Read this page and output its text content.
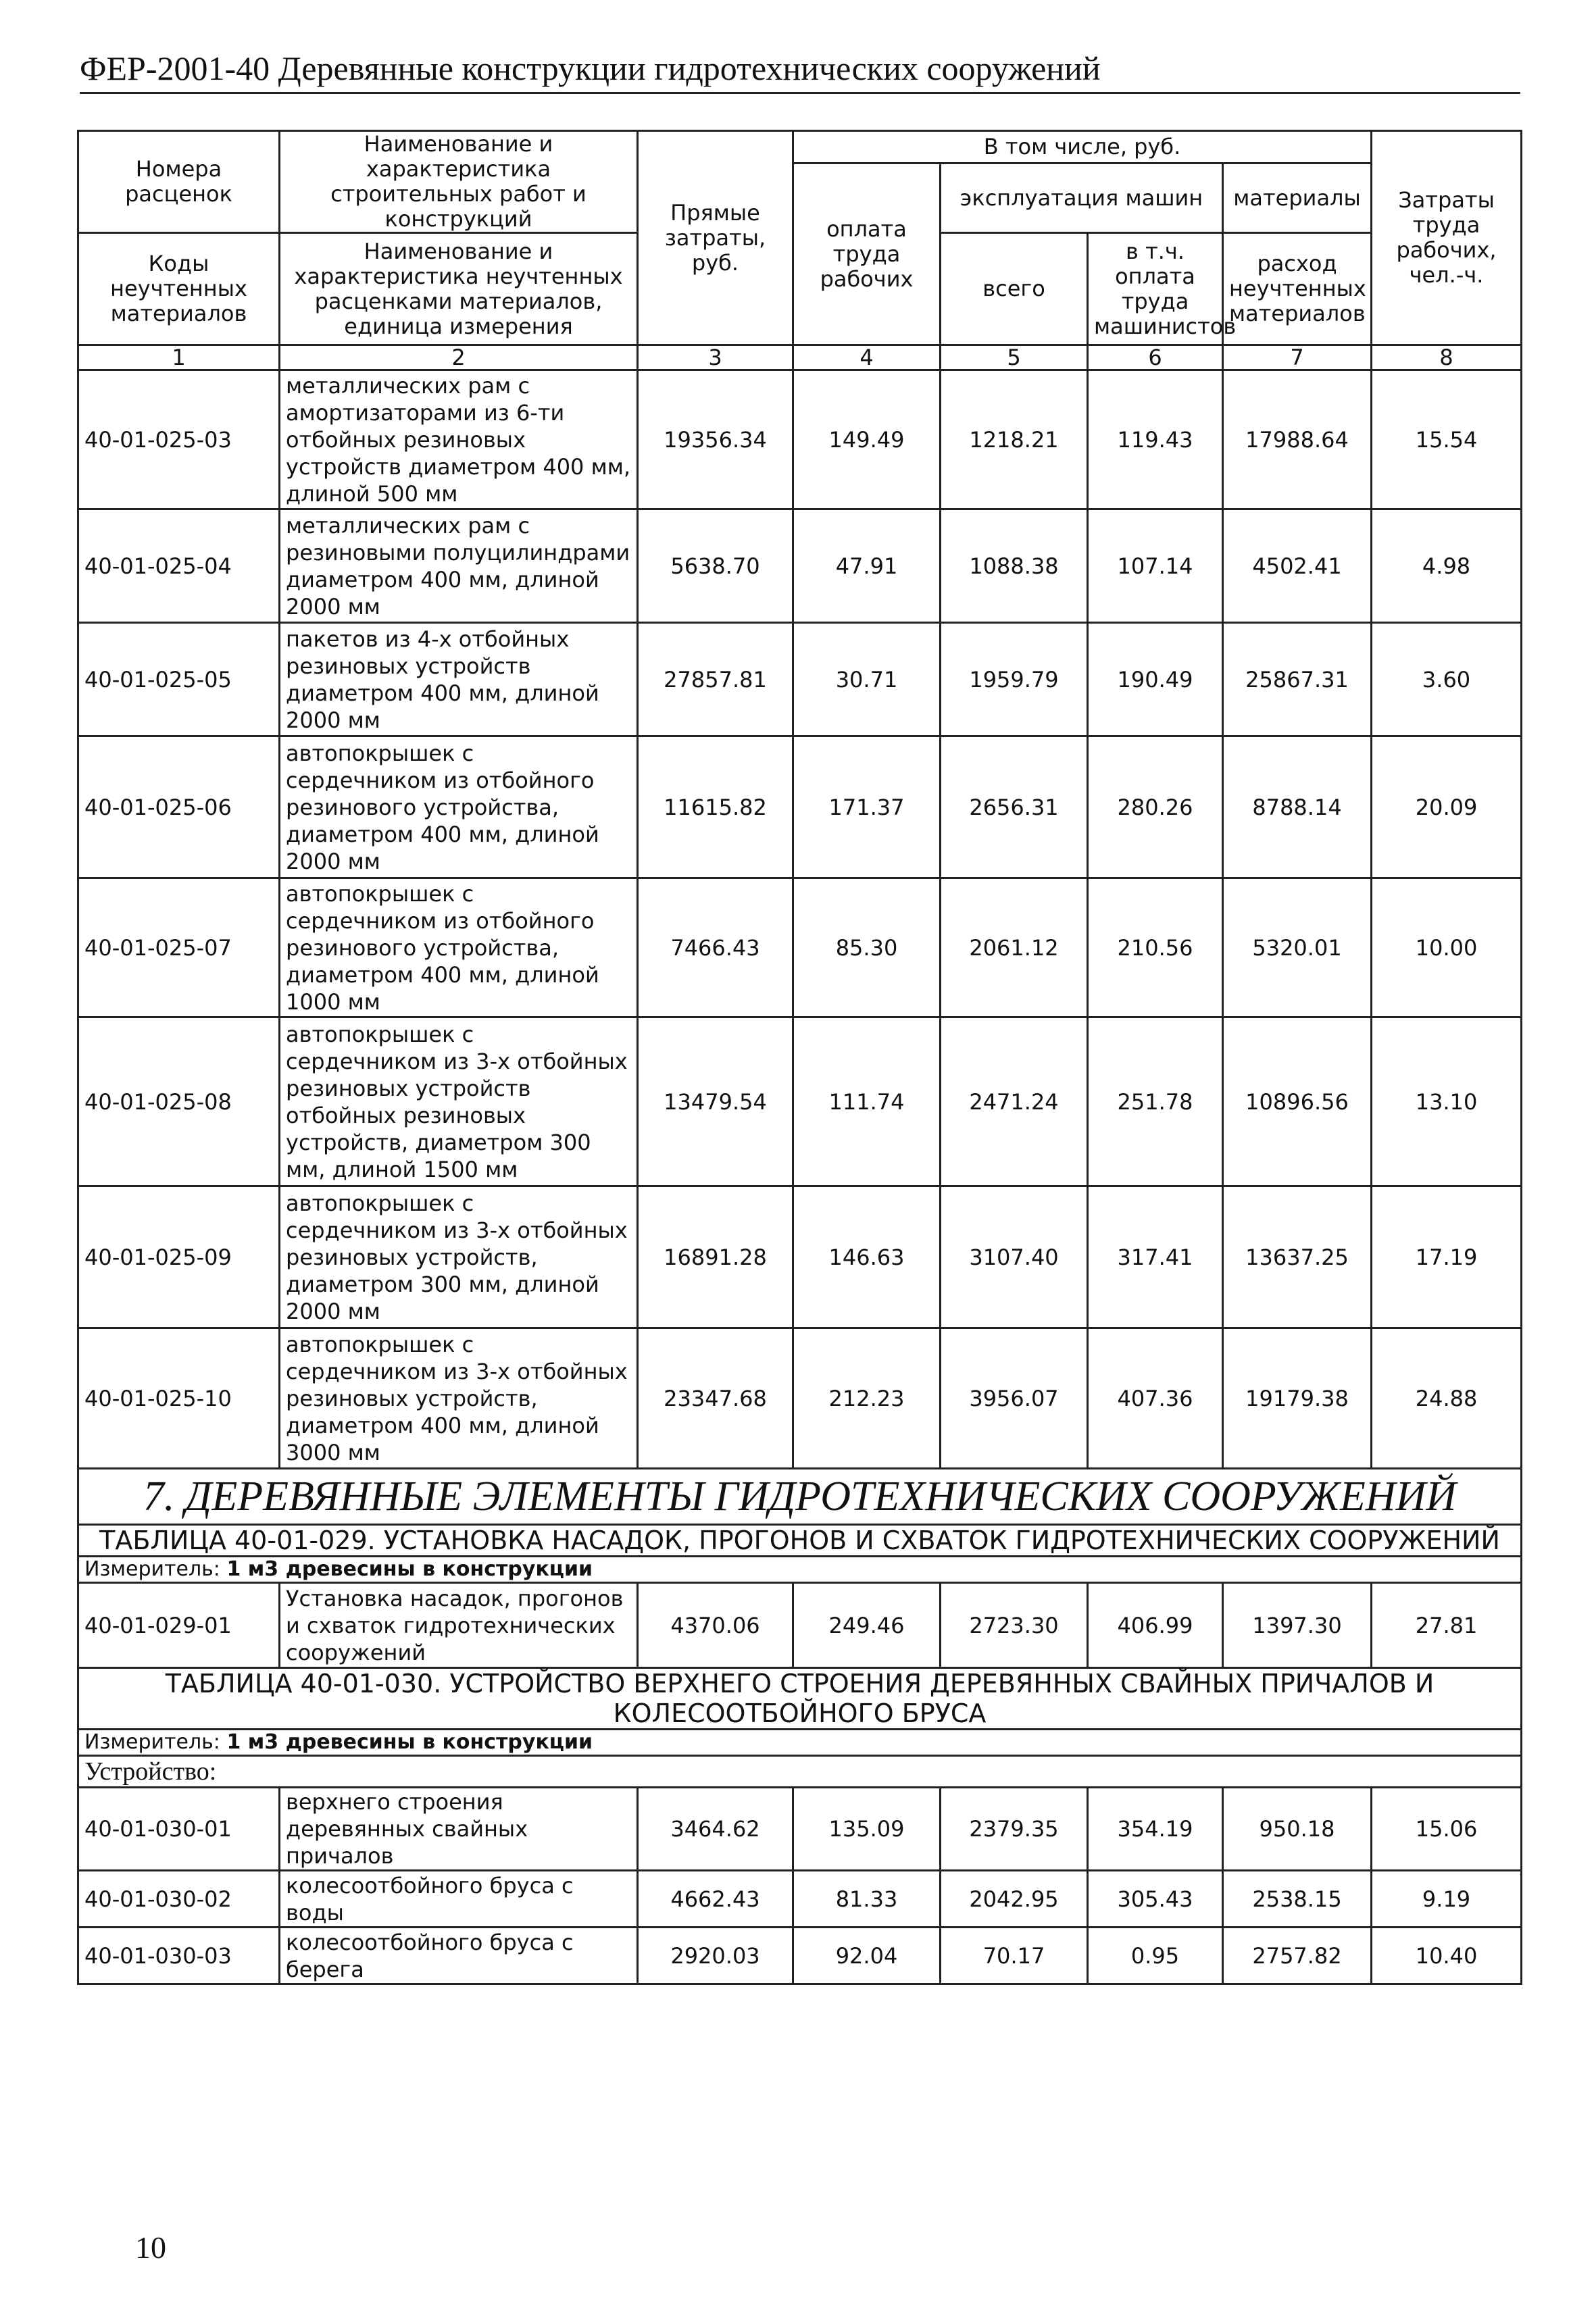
ФЕР-2001-40 Деревянные конструкции гидротехнических сооружений
Номера расценок	Наименование и характеристика строительных работ и конструкций	Прямые затраты, руб.	В том числе, руб.				Затраты труда рабочих, чел.-ч.
			оплата труда рабочих	эксплуатация машин		материалы	
Коды неучтенных материалов	Наименование и характеристика неучтенных расценками материалов, единица измерения			всего	в т.ч. оплата труда машинистов	расход неучтенных материалов	

1	2	3	4	5	6	7	8
40-01-025-03	металлических рам с амортизаторами из 6-ти отбойных резиновых устройств диаметром 400 мм, длиной 500 мм	19356.34	149.49	1218.21	119.43	17988.64	15.54
40-01-025-04	металлических рам с резиновыми полуцилиндрами диаметром 400 мм, длиной 2000 мм	5638.70	47.91	1088.38	107.14	4502.41	4.98
40-01-025-05	пакетов из 4-х отбойных резиновых устройств диаметром 400 мм, длиной 2000 мм	27857.81	30.71	1959.79	190.49	25867.31	3.60
40-01-025-06	автопокрышек с сердечником из отбойного резинового устройства, диаметром 400 мм, длиной 2000 мм	11615.82	171.37	2656.31	280.26	8788.14	20.09
40-01-025-07	автопокрышек с сердечником из отбойного резинового устройства, диаметром 400 мм, длиной 1000 мм	7466.43	85.30	2061.12	210.56	5320.01	10.00
40-01-025-08	автопокрышек с сердечником из 3-х отбойных резиновых устройств отбойных резиновых устройств, диаметром 300 мм, длиной 1500 мм	13479.54	111.74	2471.24	251.78	10896.56	13.10
40-01-025-09	автопокрышек с сердечником из 3-х отбойных резиновых устройств, диаметром 300 мм, длиной 2000 мм	16891.28	146.63	3107.40	317.41	13637.25	17.19
40-01-025-10	автопокрышек с сердечником из 3-х отбойных резиновых устройств, диаметром 400 мм, длиной 3000 мм	23347.68	212.23	3956.07	407.36	19179.38	24.88
7. ДЕРЕВЯННЫЕ ЭЛЕМЕНТЫ ГИДРОТЕХНИЧЕСКИХ СООРУЖЕНИЙ							
ТАБЛИЦА 40-01-029. УСТАНОВКА НАСАДОК, ПРОГОНОВ И СХВАТОК ГИДРОТЕХНИЧЕСКИХ СООРУЖЕНИЙ							
Измеритель: 1 м3 древесины в конструкции							
40-01-029-01	Установка насадок, прогонов и схваток гидротехнических сооружений	4370.06	249.46	2723.30	406.99	1397.30	27.81
ТАБЛИЦА 40-01-030. УСТРОЙСТВО ВЕРХНЕГО СТРОЕНИЯ ДЕРЕВЯННЫХ СВАЙНЫХ ПРИЧАЛОВ И КОЛЕСООТБОЙНОГО БРУСА							
Измеритель: 1 м3 древесины в конструкции							
Устройство:							
40-01-030-01	верхнего строения деревянных свайных причалов	3464.62	135.09	2379.35	354.19	950.18	15.06
40-01-030-02	колесоотбойного бруса с воды	4662.43	81.33	2042.95	305.43	2538.15	9.19
40-01-030-03	колесоотбойного бруса с берега	2920.03	92.04	70.17	0.95	2757.82	10.40
10
